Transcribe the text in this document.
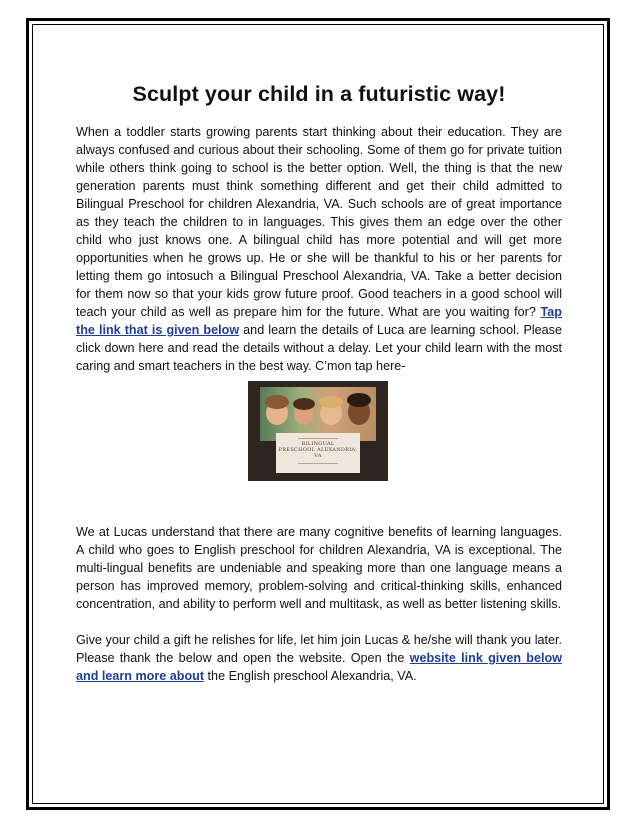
Sculpt your child in a futuristic way!

When a toddler starts growing parents start thinking about their education. They are always confused and curious about their schooling. Some of them go for private tuition while others think going to school is the better option. Well, the thing is that the new generation parents must think something different and get their child admitted to Bilingual Preschool for children Alexandria, VA. Such schools are of great importance as they teach the children to in languages. This gives them an edge over the other child who just knows one. A bilingual child has more potential and will get more opportunities when he grows up. He or she will be thankful to his or her parents for letting them go intosuch a Bilingual Preschool Alexandria, VA. Take a better decision for them now so that your kids grow future proof. Good teachers in a good school will teach your child as well as prepare him for the future. What are you waiting for? Tap the link that is given below and learn the details of Luca are learning school. Please click down here and read the details without a delay. Let your child learn with the most caring and smart teachers in the best way. C’mon tap here-

BILINGUAL
PRESCHOOL ALEXANDRIA,
VA

We at Lucas understand that there are many cognitive benefits of learning languages. A child who goes to English preschool for children Alexandria, VA is exceptional. The multi-lingual benefits are undeniable and speaking more than one language means a person has improved memory, problem-solving and critical-thinking skills, enhanced concentration, and ability to perform well and multitask, as well as better listening skills.

Give your child a gift he relishes for life, let him join Lucas & he/she will thank you later. Please thank the below and open the website. Open the website link given below and learn more about the English preschool Alexandria, VA.
